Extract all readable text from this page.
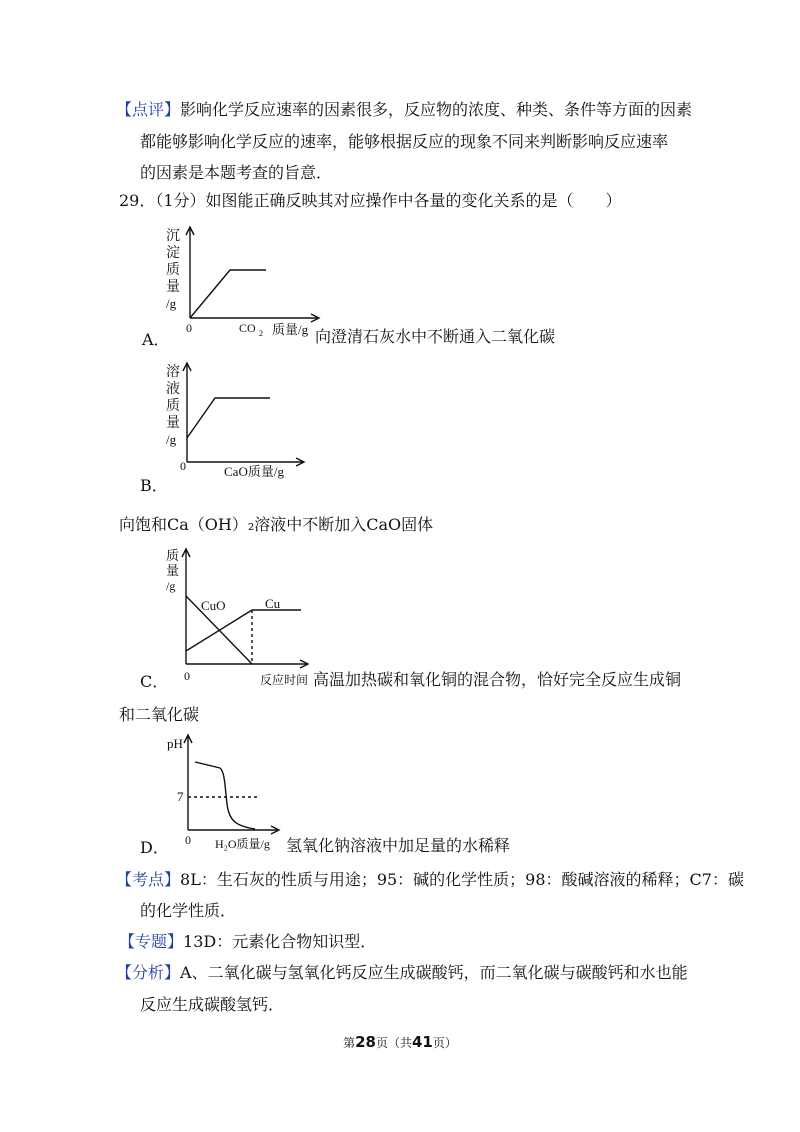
【点评】影响化学反应速率的因素很多，反应物的浓度、种类、条件等方面的因素
都能够影响化学反应的速率，能够根据反应的现象不同来判断影响反应速率
的因素是本题考查的旨意．
29．（1分）如图能正确反映其对应操作中各量的变化关系的是（　　）
沉
淀
质
量
/g
0	CO 2 质量/g
A．	向澄清石灰水中不断通入二氧化碳
溶
液
质
量
/g
0	CaO质量/g
B．
向饱和Ca（OH）₂溶液中不断加入CaO固体
质
量
/g
CuO	Cu
0	反应时间
C．	高温加热碳和氧化铜的混合物，恰好完全反应生成铜
和二氧化碳
pH
7
0 H₂O质量/g
D．	氢氧化钠溶液中加足量的水稀释
【考点】8L：生石灰的性质与用途；95：碱的化学性质；98：酸碱溶液的稀释；C7：碳
的化学性质．
【专题】13D：元素化合物知识型．
【分析】A、二氧化碳与氢氧化钙反应生成碳酸钙，而二氧化碳与碳酸钙和水也能
反应生成碳酸氢钙．
第28页（共41页）
